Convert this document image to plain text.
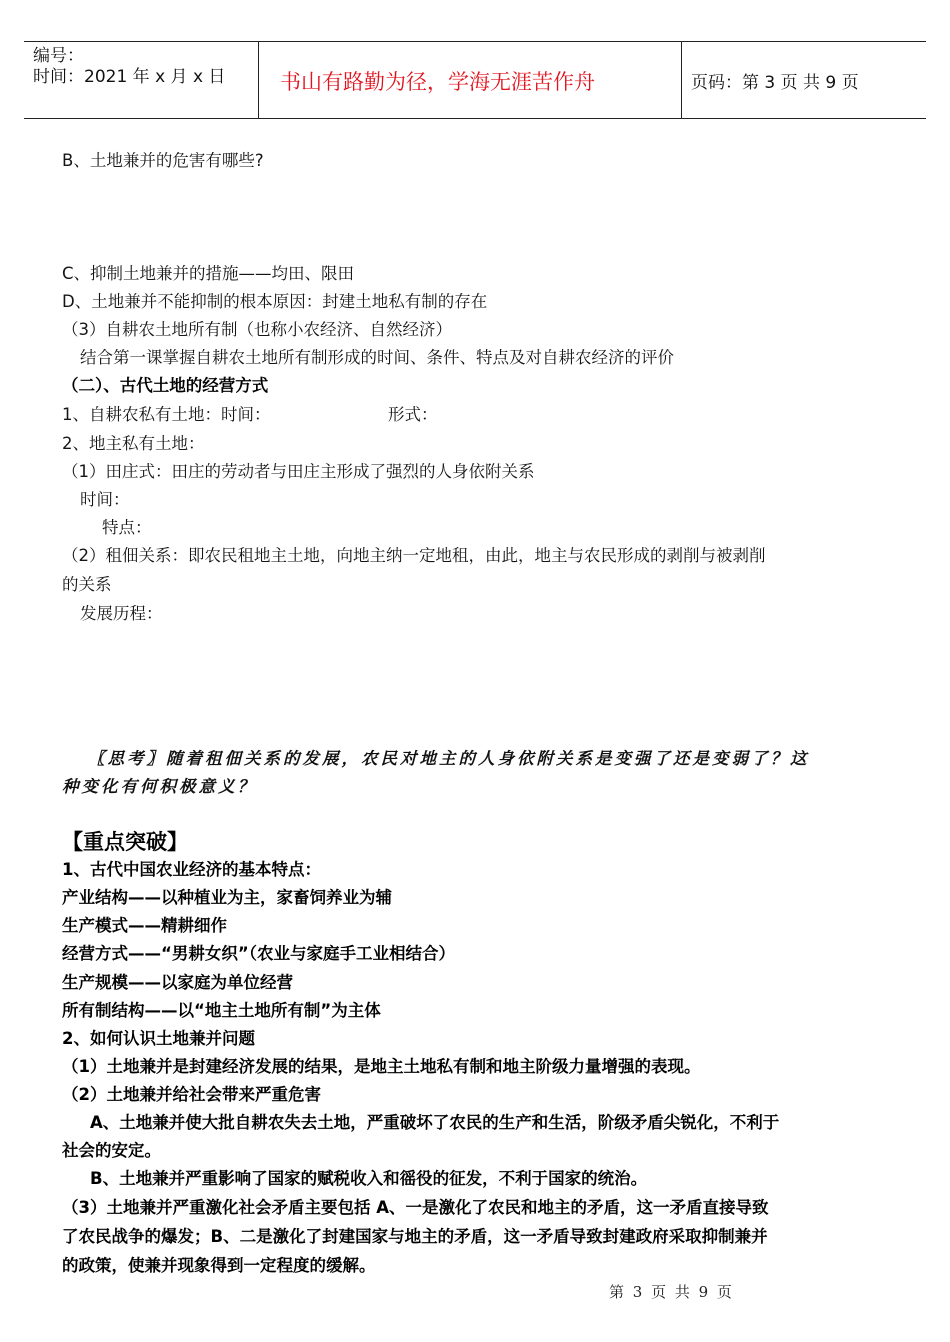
编号：
时间：2021 年 x 月 x 日	书山有路勤为径，学海无涯苦作舟	页码：第 3 页 共 9 页
B、土地兼并的危害有哪些?
C、抑制土地兼并的措施——均田、限田
D、土地兼并不能抑制的根本原因：封建土地私有制的存在
（3）自耕农土地所有制（也称小农经济、自然经济）
结合第一课掌握自耕农土地所有制形成的时间、条件、特点及对自耕农经济的评价
（二）、古代土地的经营方式
1、自耕农私有土地：时间：	形式：
2、地主私有土地：
（1）田庄式：田庄的劳动者与田庄主形成了强烈的人身依附关系
时间：
特点：
（2）租佃关系：即农民租地主土地，向地主纳一定地租，由此，地主与农民形成的剥削与被剥削
的关系
发展历程：
〖思考〗随着租佃关系的发展，农民对地主的人身依附关系是变强了还是变弱了？这
种变化有何积极意义？
【重点突破】
1、古代中国农业经济的基本特点：
产业结构——以种植业为主，家畜饲养业为辅
生产模式——精耕细作
经营方式——“男耕女织”（农业与家庭手工业相结合）
生产规模——以家庭为单位经营
所有制结构——以“地主土地所有制”为主体
2、如何认识土地兼并问题
（1）土地兼并是封建经济发展的结果，是地主土地私有制和地主阶级力量增强的表现。
（2）土地兼并给社会带来严重危害
A、土地兼并使大批自耕农失去土地，严重破坏了农民的生产和生活，阶级矛盾尖锐化，不利于
社会的安定。
B、土地兼并严重影响了国家的赋税收入和徭役的征发，不利于国家的统治。
（3）土地兼并严重激化社会矛盾主要包括 A、一是激化了农民和地主的矛盾，这一矛盾直接导致
了农民战争的爆发；B、二是激化了封建国家与地主的矛盾，这一矛盾导致封建政府采取抑制兼并
的政策，使兼并现象得到一定程度的缓解。
第 3 页 共 9 页
